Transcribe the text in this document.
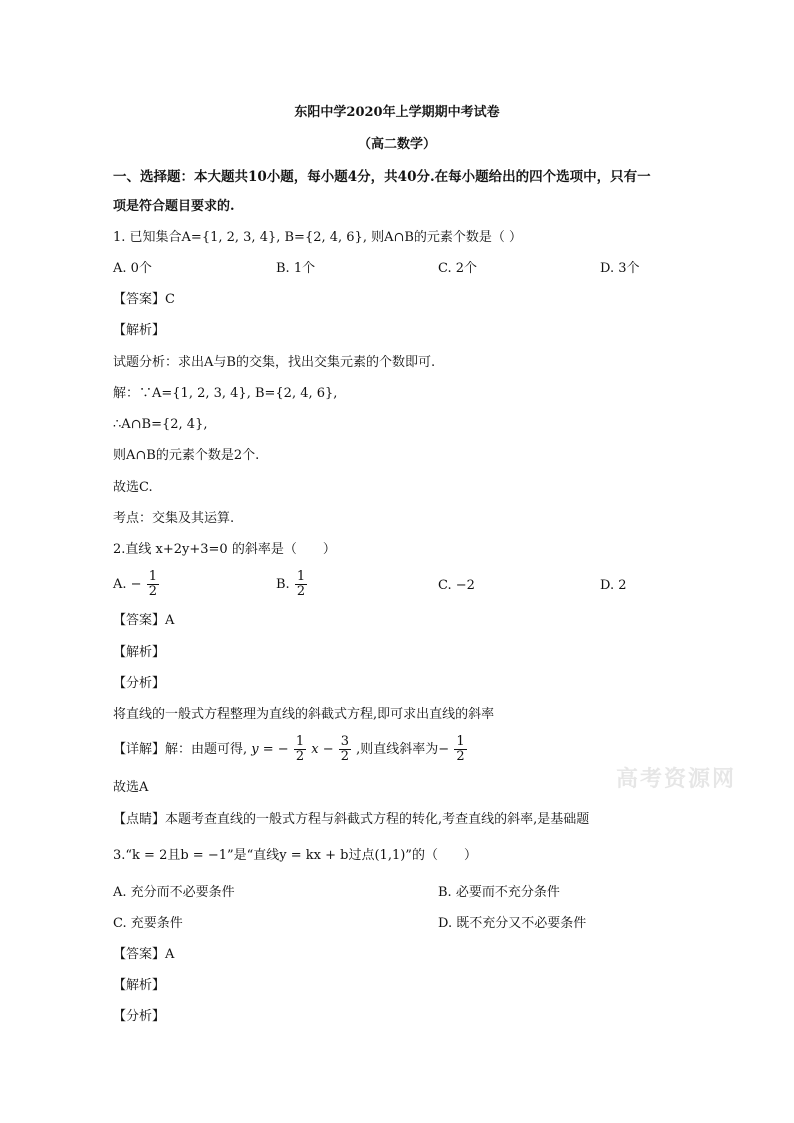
东阳中学2020年上学期期中考试卷
（高二数学）
一、选择题：本大题共10小题，每小题4分，共40分.在每小题给出的四个选项中，只有一
项是符合题目要求的.
1. 已知集合A={1, 2, 3, 4}, B={2, 4, 6}, 则A∩B的元素个数是（ ）
A. 0个	B. 1个	C. 2个	D. 3个
【答案】C
【解析】
试题分析：求出A与B的交集，找出交集元素的个数即可.
解：∵A={1, 2, 3, 4}, B={2, 4, 6},
∴A∩B={2, 4},
则A∩B的元素个数是2个.
故选C.
考点：交集及其运算.
2.直线 x+2y+3=0 的斜率是（　　）
A. − $\frac{1}{2}$	B. $\frac{1}{2}$	C. −2	D. 2
【答案】A
【解析】
【分析】
将直线的一般式方程整理为直线的斜截式方程,即可求出直线的斜率
【详解】解：由题可得, y = − $\frac{1}{2}$ $x - \frac{3}{2}$ ,则直线斜率为− $\frac{1}{2}$
故选A
【点睛】本题考查直线的一般式方程与斜截式方程的转化,考查直线的斜率,是基础题
3.“k = 2且b = −1”是“直线y = kx + b过点(1,1)”的（　　）
A. 充分而不必要条件	B. 必要而不充分条件
C. 充要条件	D. 既不充分又不必要条件
【答案】A
【解析】
【分析】
高考资源网
